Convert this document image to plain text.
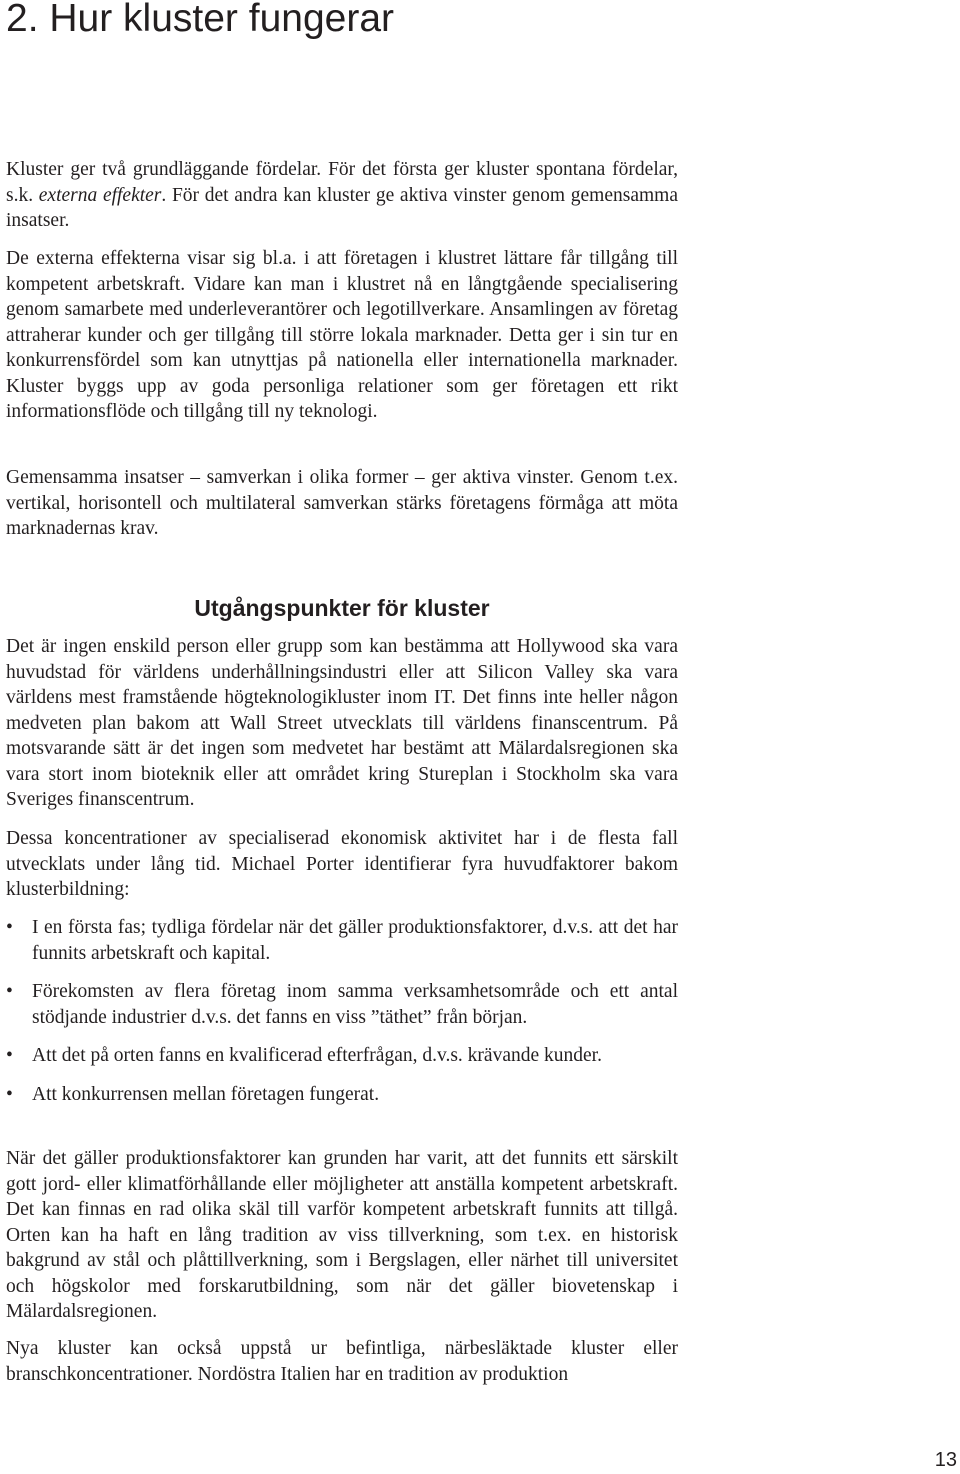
2. Hur kluster fungerar

Kluster ger två grundläggande fördelar. För det första ger kluster spontana fördelar, s.k. externa effekter. För det andra kan kluster ge aktiva vinster genom gemensamma insatser.

De externa effekterna visar sig bl.a. i att företagen i klustret lättare får tillgång till kompetent arbetskraft. Vidare kan man i klustret nå en långtgående specialisering genom samarbete med underleverantörer och legotillverkare. Ansamlingen av företag attraherar kunder och ger tillgång till större lokala marknader. Detta ger i sin tur en konkurrensfördel som kan utnyttjas på nationella eller internationella marknader. Kluster byggs upp av goda personliga relationer som ger företagen ett rikt informationsflöde och tillgång till ny teknologi.

Gemensamma insatser – samverkan i olika former – ger aktiva vinster. Genom t.ex. vertikal, horisontell och multilateral samverkan stärks företagens förmåga att möta marknadernas krav.

Utgångspunkter för kluster

Det är ingen enskild person eller grupp som kan bestämma att Hollywood ska vara huvudstad för världens underhållningsindustri eller att Silicon Valley ska vara världens mest framstående högteknologikluster inom IT. Det finns inte heller någon medveten plan bakom att Wall Street utvecklats till världens finanscentrum. På motsvarande sätt är det ingen som medvetet har bestämt att Mälardalsregionen ska vara stort inom bioteknik eller att området kring Stureplan i Stockholm ska vara Sveriges finanscentrum.

Dessa koncentrationer av specialiserad ekonomisk aktivitet har i de flesta fall utvecklats under lång tid. Michael Porter identifierar fyra huvudfaktorer bakom klusterbildning:

• I en första fas; tydliga fördelar när det gäller produktionsfaktorer, d.v.s. att det har funnits arbetskraft och kapital.
• Förekomsten av flera företag inom samma verksamhetsområde och ett antal stödjande industrier d.v.s. det fanns en viss ”täthet” från början.
• Att det på orten fanns en kvalificerad efterfrågan, d.v.s. krävande kunder.
• Att konkurrensen mellan företagen fungerat.

När det gäller produktionsfaktorer kan grunden har varit, att det funnits ett särskilt gott jord- eller klimatförhållande eller möjligheter att anställa kompetent arbetskraft. Det kan finnas en rad olika skäl till varför kompetent arbetskraft funnits att tillgå. Orten kan ha haft en lång tradition av viss tillverkning, som t.ex. en historisk bakgrund av stål och plåttillverkning, som i Bergslagen, eller närhet till universitet och högskolor med forskarutbildning, som när det gäller biovetenskap i Mälardalsregionen.

Nya kluster kan också uppstå ur befintliga, närbesläktade kluster eller branschkoncentrationer. Nordöstra Italien har en tradition av produktion

13
